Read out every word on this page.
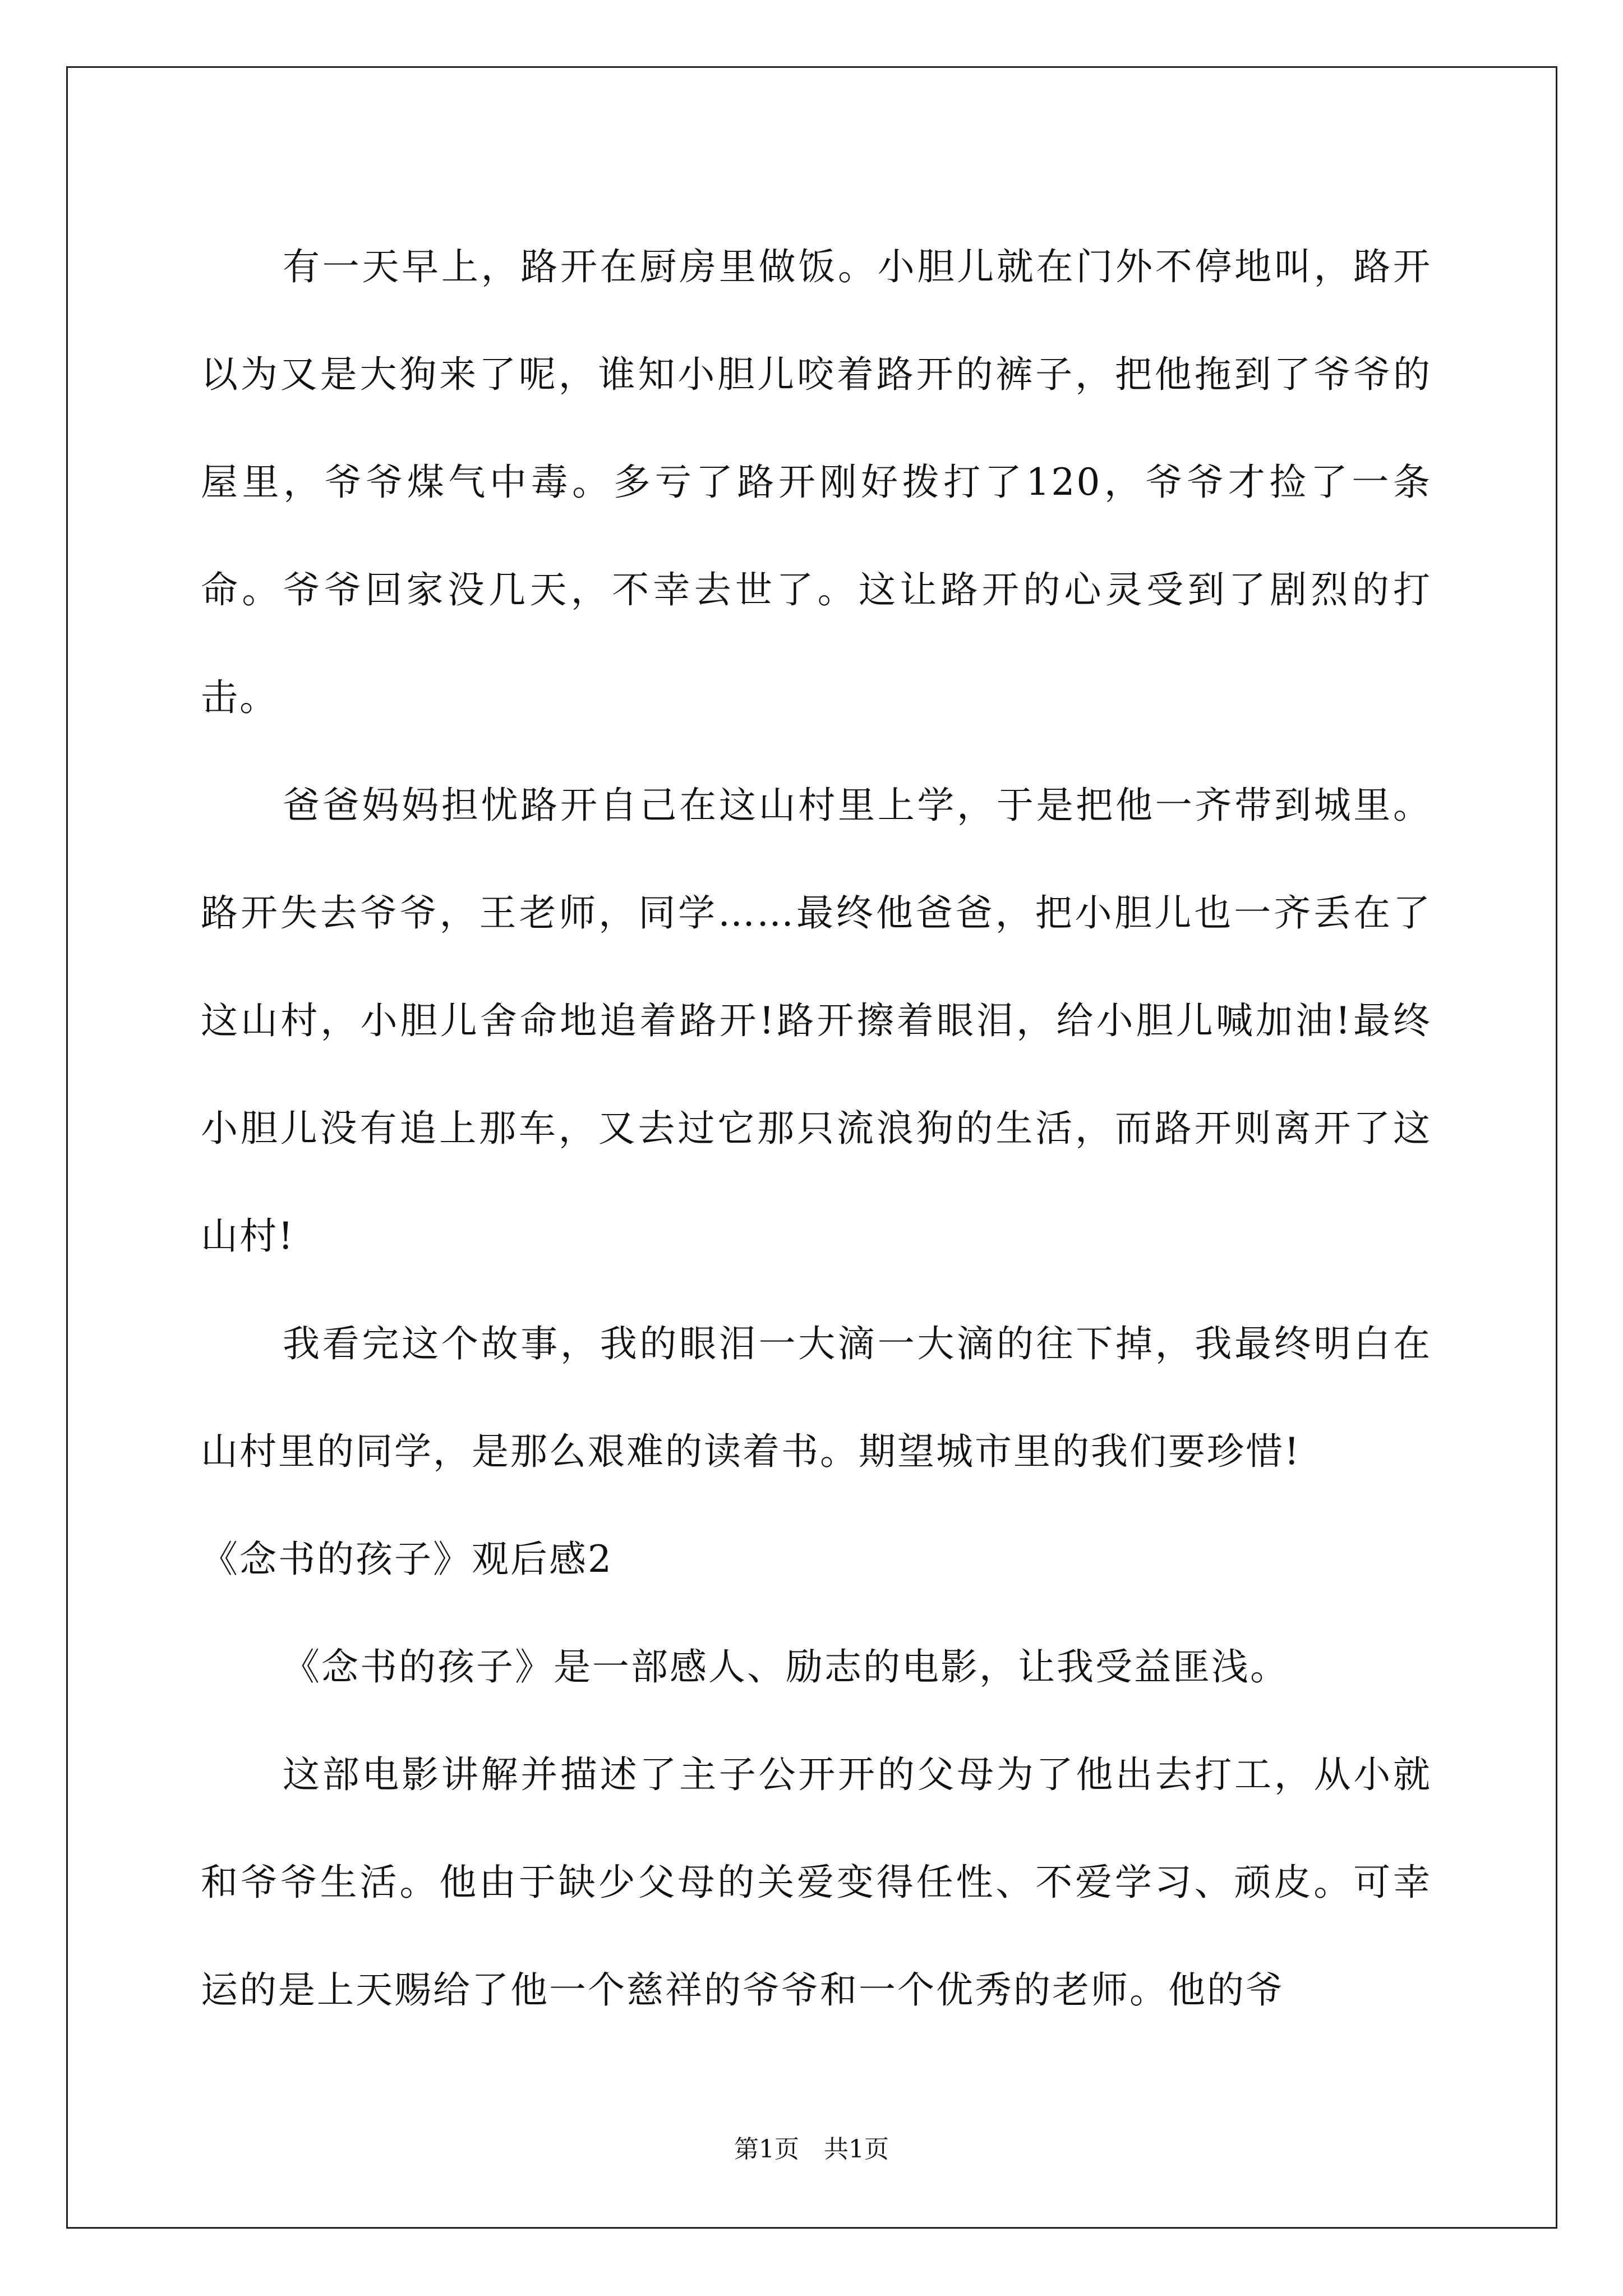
有一天早上，路开在厨房里做饭。小胆儿就在门外不停地叫，路开以为又是大狗来了呢，谁知小胆儿咬着路开的裤子，把他拖到了爷爷的屋里，爷爷煤气中毒。多亏了路开刚好拨打了120，爷爷才捡了一条命。爷爷回家没几天，不幸去世了。这让路开的心灵受到了剧烈的打击。

爸爸妈妈担忧路开自己在这山村里上学，于是把他一齐带到城里。路开失去爷爷，王老师，同学……最终他爸爸，把小胆儿也一齐丢在了这山村，小胆儿舍命地追着路开!路开擦着眼泪，给小胆儿喊加油!最终小胆儿没有追上那车，又去过它那只流浪狗的生活，而路开则离开了这山村!

我看完这个故事，我的眼泪一大滴一大滴的往下掉，我最终明白在山村里的同学，是那么艰难的读着书。期望城市里的我们要珍惜!

《念书的孩子》观后感2

《念书的孩子》是一部感人、励志的电影，让我受益匪浅。

这部电影讲解并描述了主子公开开的父母为了他出去打工，从小就和爷爷生活。他由于缺少父母的关爱变得任性、不爱学习、顽皮。可幸运的是上天赐给了他一个慈祥的爷爷和一个优秀的老师。他的爷

第1页 共1页
